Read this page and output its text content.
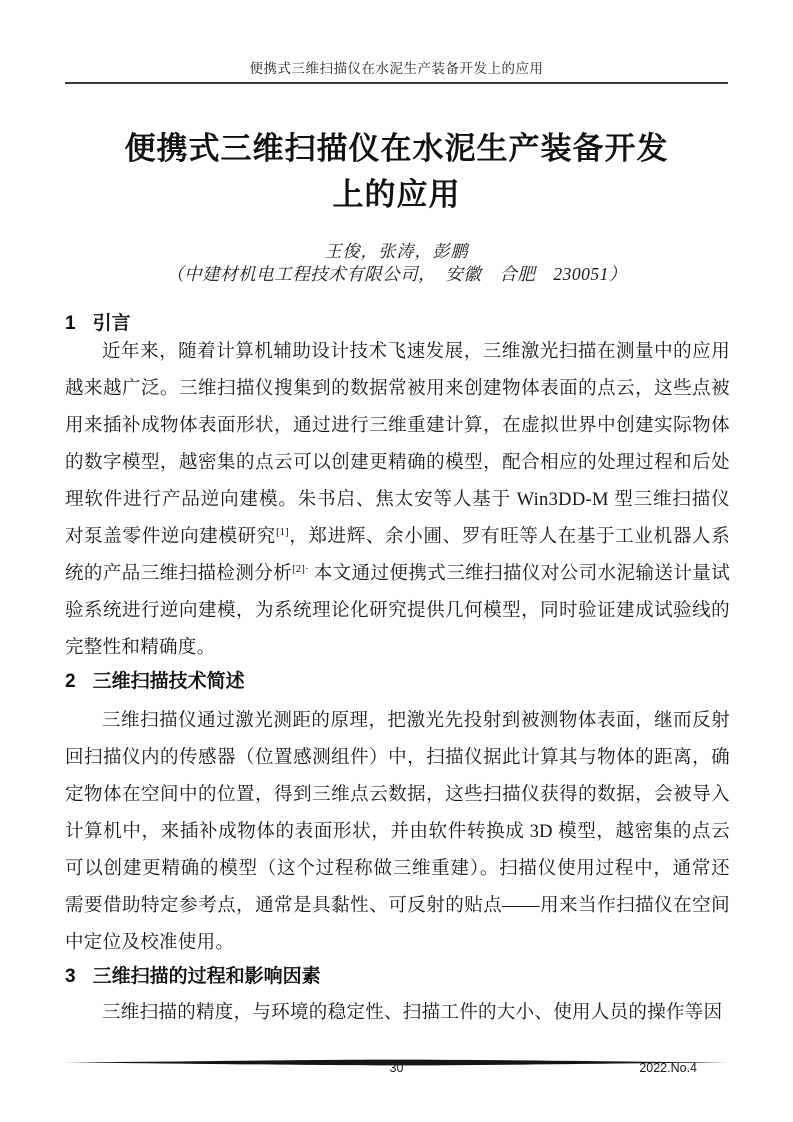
便携式三维扫描仪在水泥生产装备开发上的应用
便携式三维扫描仪在水泥生产装备开发
上的应用
王俊，张涛，彭鹏
（中建材机电工程技术有限公司，　安徽　合肥　230051）
1 引言

近年来，随着计算机辅助设计技术飞速发展，三维激光扫描在测量中的应用越来越广泛。三维扫描仪搜集到的数据常被用来创建物体表面的点云，这些点被用来插补成物体表面形状，通过进行三维重建计算，在虚拟世界中创建实际物体的数字模型，越密集的点云可以创建更精确的模型，配合相应的处理过程和后处理软件进行产品逆向建模。朱书启、焦太安等人基于 Win3DD-M 型三维扫描仪对泵盖零件逆向建模研究[1]，郑进辉、余小圃、罗有旺等人在基于工业机器人系统的产品三维扫描检测分析$^{[2]\cdot}$ 本文通过便携式三维扫描仪对公司水泥输送计量试验系统进行逆向建模，为系统理论化研究提供几何模型，同时验证建成试验线的完整性和精确度。

2 三维扫描技术简述

三维扫描仪通过激光测距的原理，把激光先投射到被测物体表面，继而反射回扫描仪内的传感器（位置感测组件）中，扫描仪据此计算其与物体的距离，确定物体在空间中的位置，得到三维点云数据，这些扫描仪获得的数据，会被导入计算机中，来插补成物体的表面形状，并由软件转换成 3D 模型，越密集的点云可以创建更精确的模型（这个过程称做三维重建）。扫描仪使用过程中，通常还需要借助特定参考点，通常是具黏性、可反射的贴点——用来当作扫描仪在空间中定位及校准使用。

3 三维扫描的过程和影响因素

三维扫描的精度，与环境的稳定性、扫描工件的大小、使用人员的操作等因

30	2022.No.4
